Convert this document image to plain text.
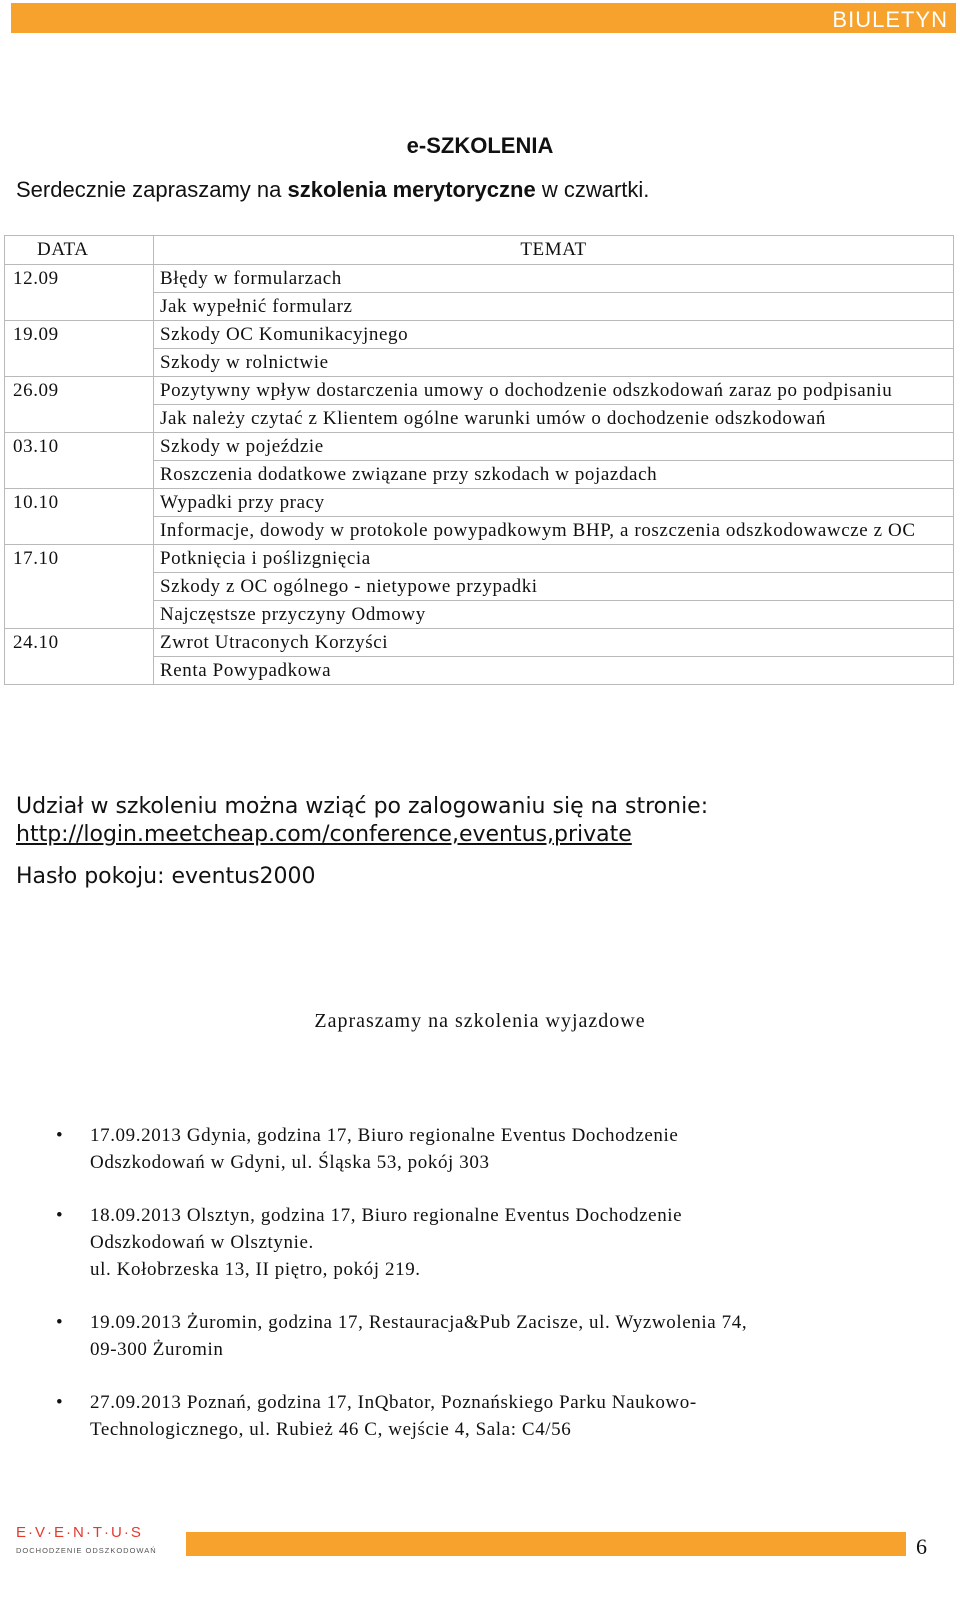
BIULETYN
e-SZKOLENIA
Serdecznie zapraszamy na szkolenia merytoryczne w czwartki.
DATA	TEMAT
12.09	Błędy w formularzach
	Jak wypełnić formularz
19.09	Szkody OC Komunikacyjnego
	Szkody w rolnictwie
26.09	Pozytywny wpływ dostarczenia umowy o dochodzenie odszkodowań zaraz po podpisaniu
	Jak należy czytać z Klientem ogólne warunki umów o dochodzenie odszkodowań
03.10	Szkody w pojeździe
	Roszczenia dodatkowe związane przy szkodach w pojazdach
10.10	Wypadki przy pracy
	Informacje, dowody w protokole powypadkowym BHP, a roszczenia odszkodowawcze z OC
17.10	Potknięcia i poślizgnięcia
	Szkody z OC ogólnego - nietypowe przypadki
	Najczęstsze przyczyny Odmowy
24.10	Zwrot Utraconych Korzyści
	Renta Powypadkowa
Udział w szkoleniu można wziąć po zalogowaniu się na stronie:
http://login.meetcheap.com/conference,eventus,private
Hasło pokoju: eventus2000
Zapraszamy na szkolenia wyjazdowe
• 17.09.2013 Gdynia, godzina 17, Biuro regionalne Eventus Dochodzenie
Odszkodowań w Gdyni, ul. Śląska 53, pokój 303
• 18.09.2013 Olsztyn, godzina 17, Biuro regionalne Eventus Dochodzenie
Odszkodowań w Olsztynie.
ul. Kołobrzeska 13, II piętro, pokój 219.
• 19.09.2013 Żuromin, godzina 17, Restauracja&Pub Zacisze, ul. Wyzwolenia 74,
09-300 Żuromin
• 27.09.2013 Poznań, godzina 17, InQbator, Poznańskiego Parku Naukowo-
Technologicznego, ul. Rubież 46 C, wejście 4, Sala: C4/56
E·V·E·N·T·U·S
DOCHODZENIE ODSZKODOWAŃ	6
